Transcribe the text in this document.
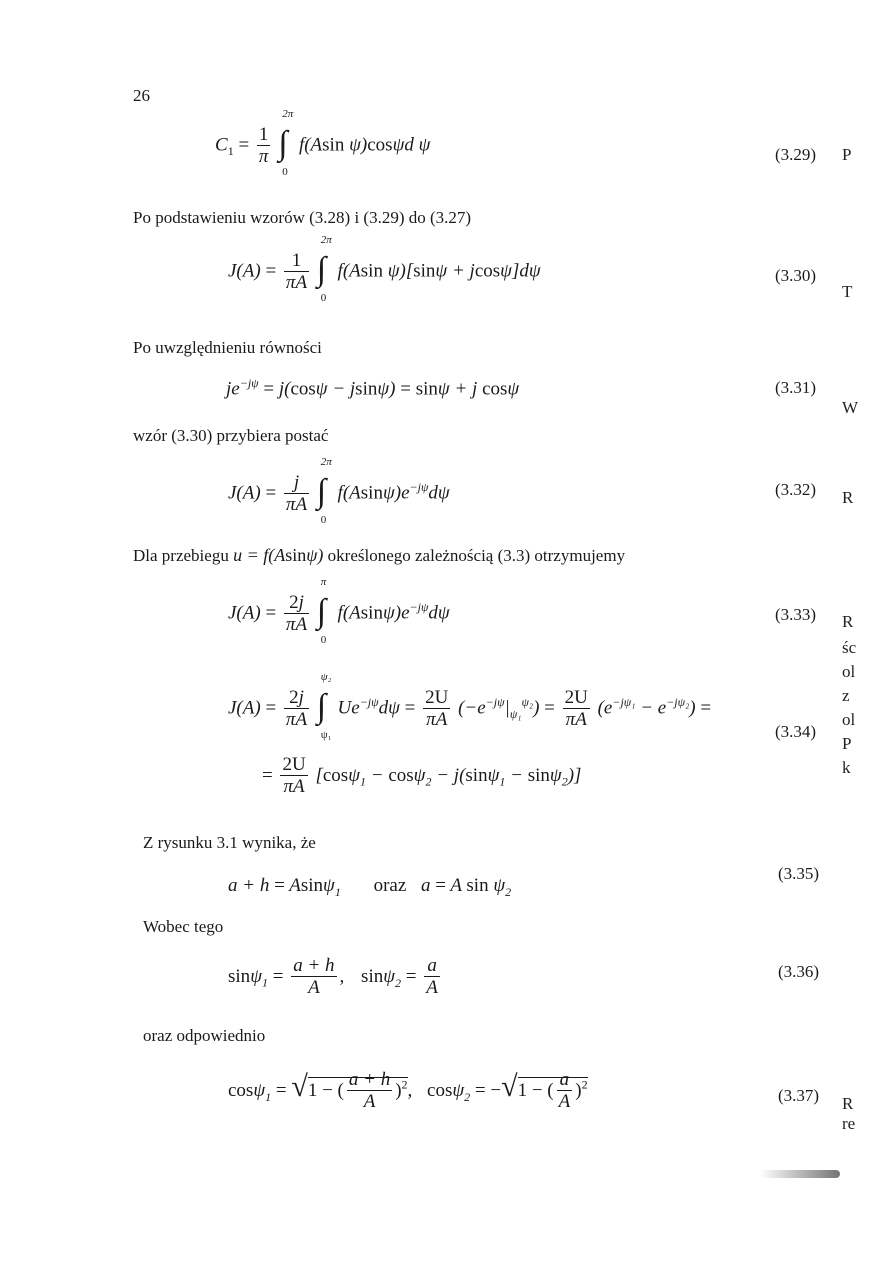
26
$C_1 = \frac{1}{\pi}$

2π
∫
0
f(Asin ψ)cosψd ψ	(3.29)
Po podstawieniu wzorów (3.28) i (3.29) do (3.27)
$J(A) = \frac{1}{\pi A}$

2π
∫
0
f(Asin ψ)[sinψ + jcosψ]dψ	(3.30)
Po uwzględnieniu równości
$je^{-j\psi} = j(\cos\psi - jsin\psi) = \sin\psi + j$ cosψ	(3.31)
wzór (3.30) przybiera postać
$J(A) = \frac{j}{\pi A}$

2π
∫
0
$f(Asin\psi)e^{-j\psi}d\psi$	(3.32)
Dla przebiegu u = f(Asinψ) określonego zależnością (3.3) otrzymujemy
$J(A) = \frac{2j}{\pi A}$

π
∫
0
$f(Asin\psi)e^{-j\psi}d\psi$	(3.33)
$J(A) = \frac{2j}{\pi A}$

ψ₂
∫
ψ₁
$Ue^{-j\psi}d\psi = \frac{2U}{\pi A} (-e^{-j\psi}|_{\psi_1}^{\psi_2}) = \frac{2U}{\pi A} (e^{-j\psi_1} - e^{-j\psi_2})$ =
(3.34)
= $\frac{2U}{\pi A} [\cos\psi_1 - \cos\psi_2 - j(\sin\psi_1 - \sin\psi_2)]$
Z rysunku 3.1 wynika, że
a + h = Asinψ$_1$ oraz a = A $\sin \psi_2$
(3.35)
Wobec tego
$\sin\psi_1 = \frac{a + h}{A}$ , $\sin\psi_2 = \frac{a}{A}$	(3.36)
oraz odpowiednio
cosψ$_1$ = √1 − ( $\frac{a + h}{A} )^2$, cosψ$_2$ = −√1 − ( $\frac{a}{A} )^2$
(3.37)
P
T
W
R
R
śc
ol
z
ol
P
k
R
re
